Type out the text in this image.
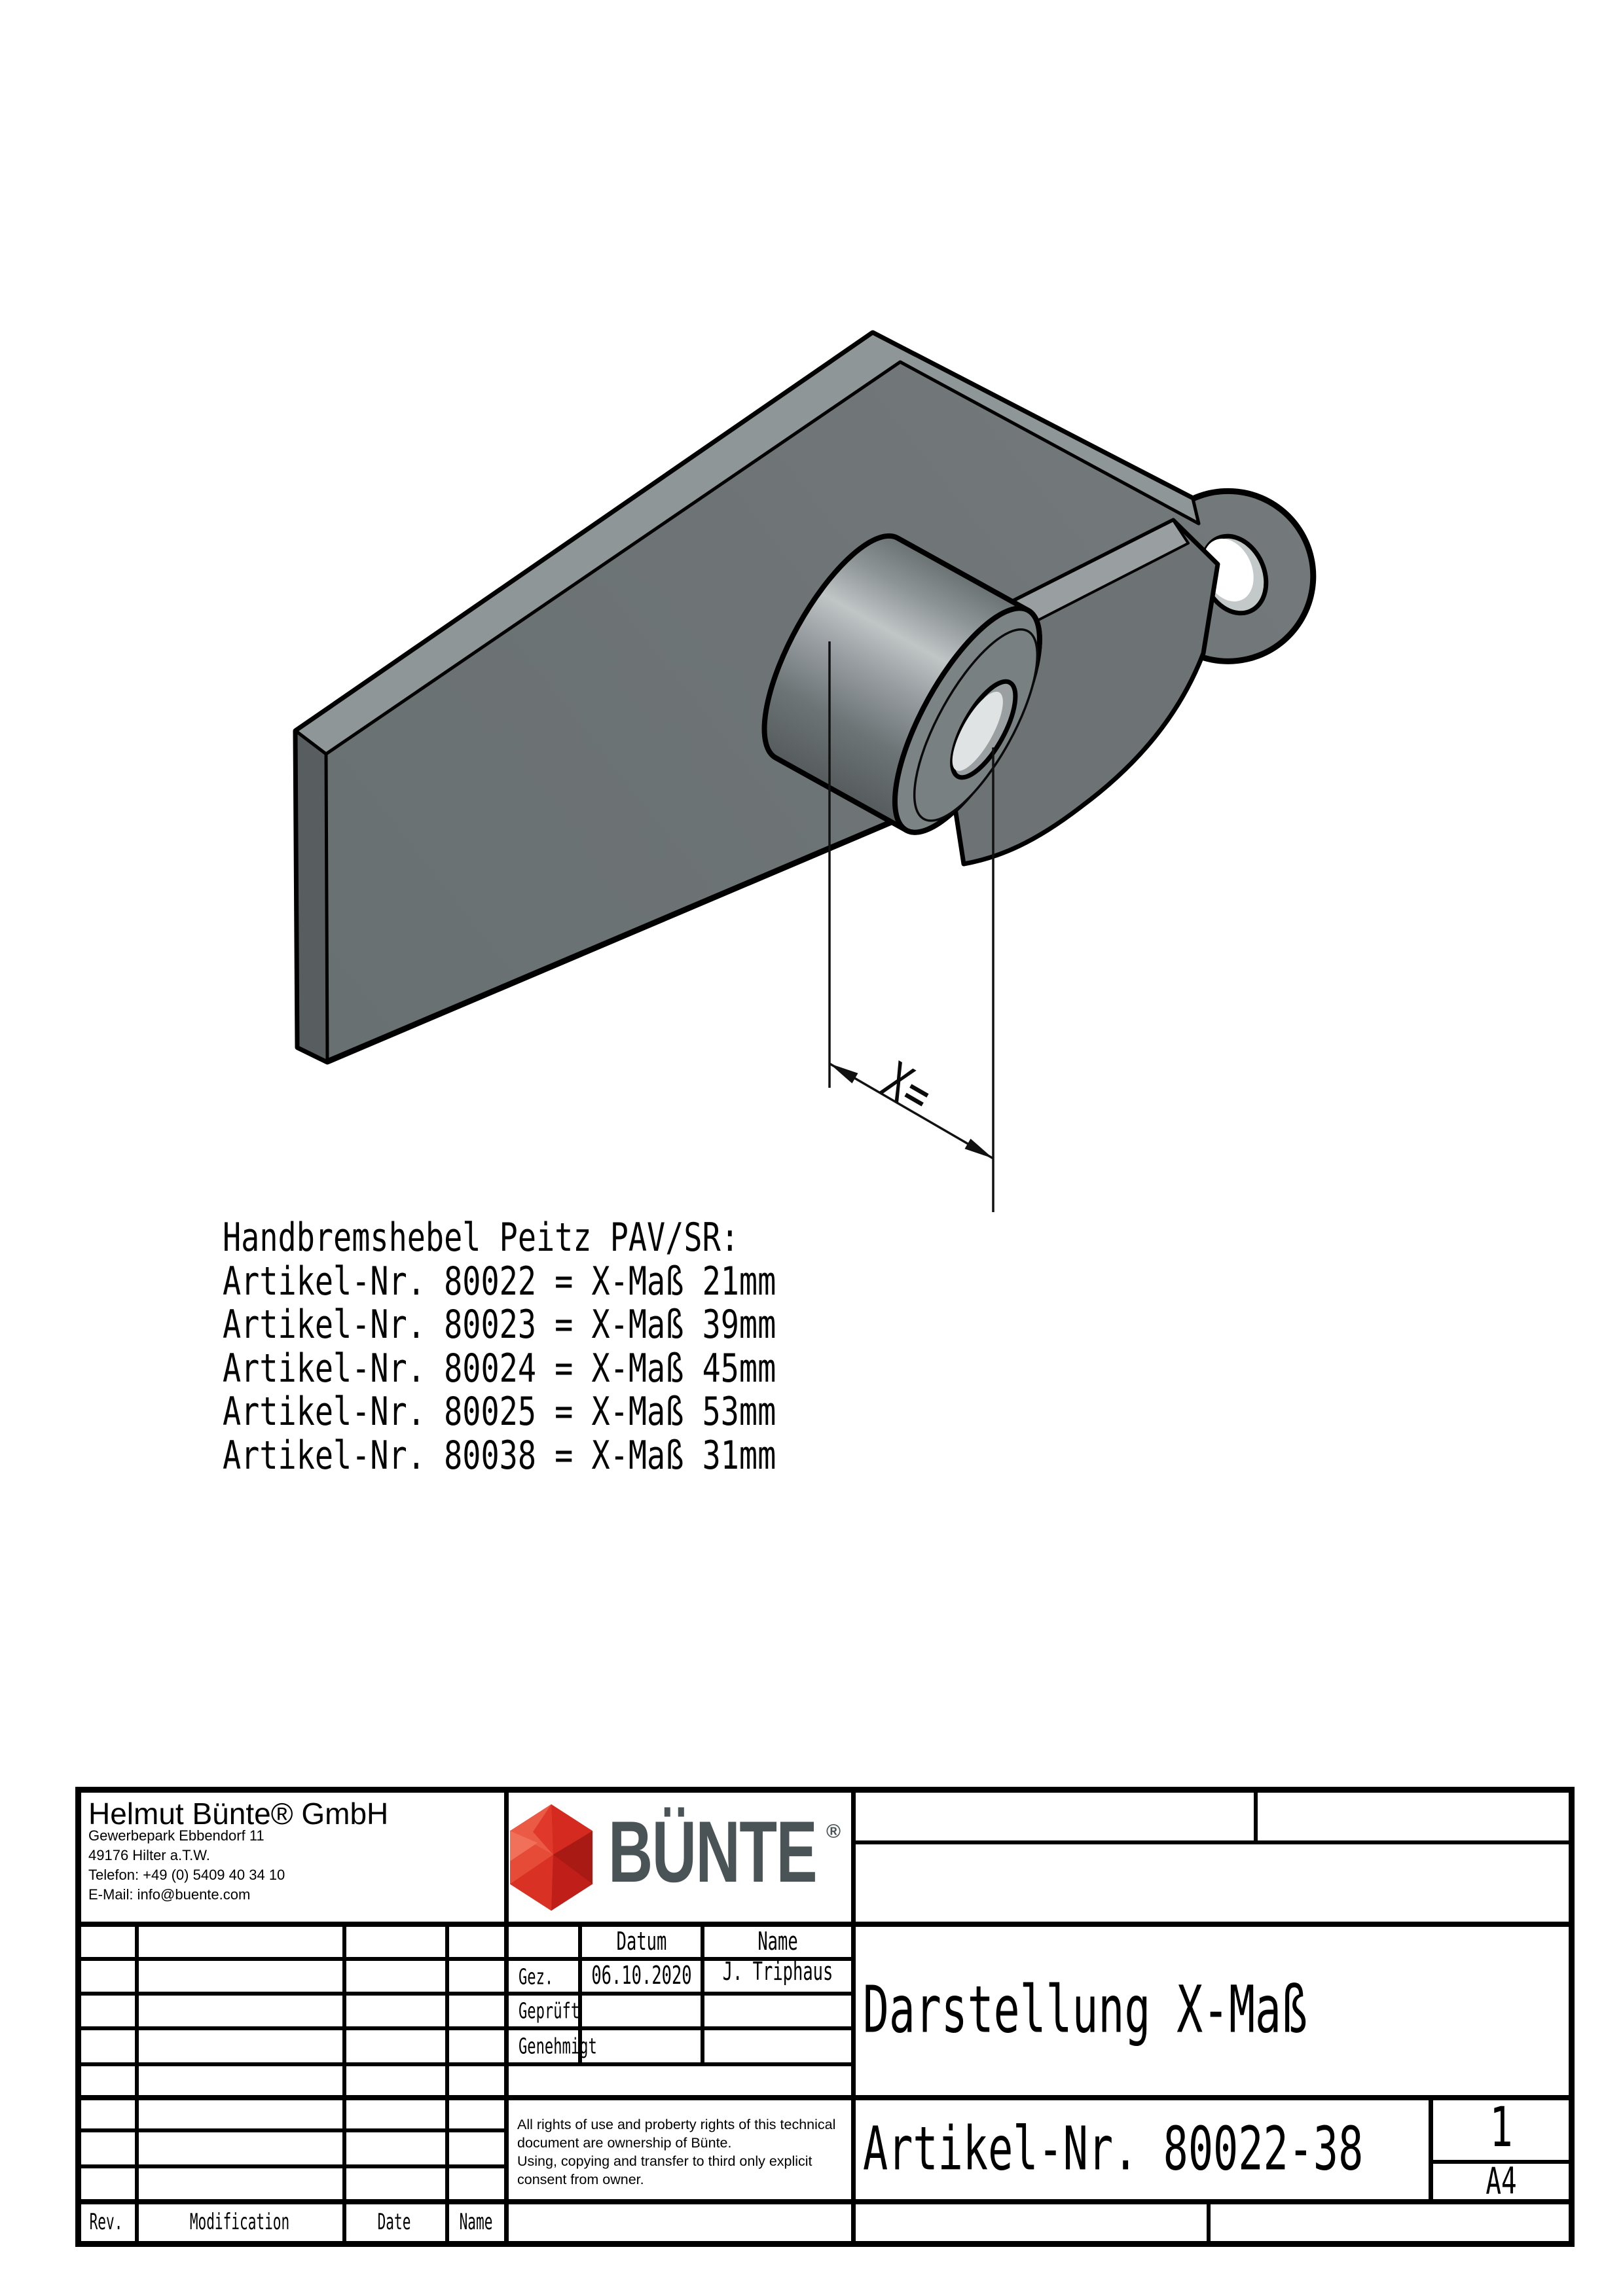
X=
Handbremshebel Peitz PAV/SR:
Artikel-Nr. 80022 = X-Maß 21mm
Artikel-Nr. 80023 = X-Maß 39mm
Artikel-Nr. 80024 = X-Maß 45mm
Artikel-Nr. 80025 = X-Maß 53mm
Artikel-Nr. 80038 = X-Maß 31mm
Helmut Bünte® GmbH
Gewerbepark Ebbendorf 11
49176 Hilter a.T.W.
Telefon: +49 (0) 5409 40 34 10
E-Mail: info@buente.com	BÜNTE ®
Datum	Name
Gez. 06.10.2020 J. Triphaus
Geprüft
Genehmigt
All rights of use and proberty rights of this technical
document are ownership of Bünte.
Using, copying and transfer to third only explicit
consent from owner.
Darstellung X-Maß
Artikel-Nr. 80022-38 1
A4
Rev.	Modification	Date Name
